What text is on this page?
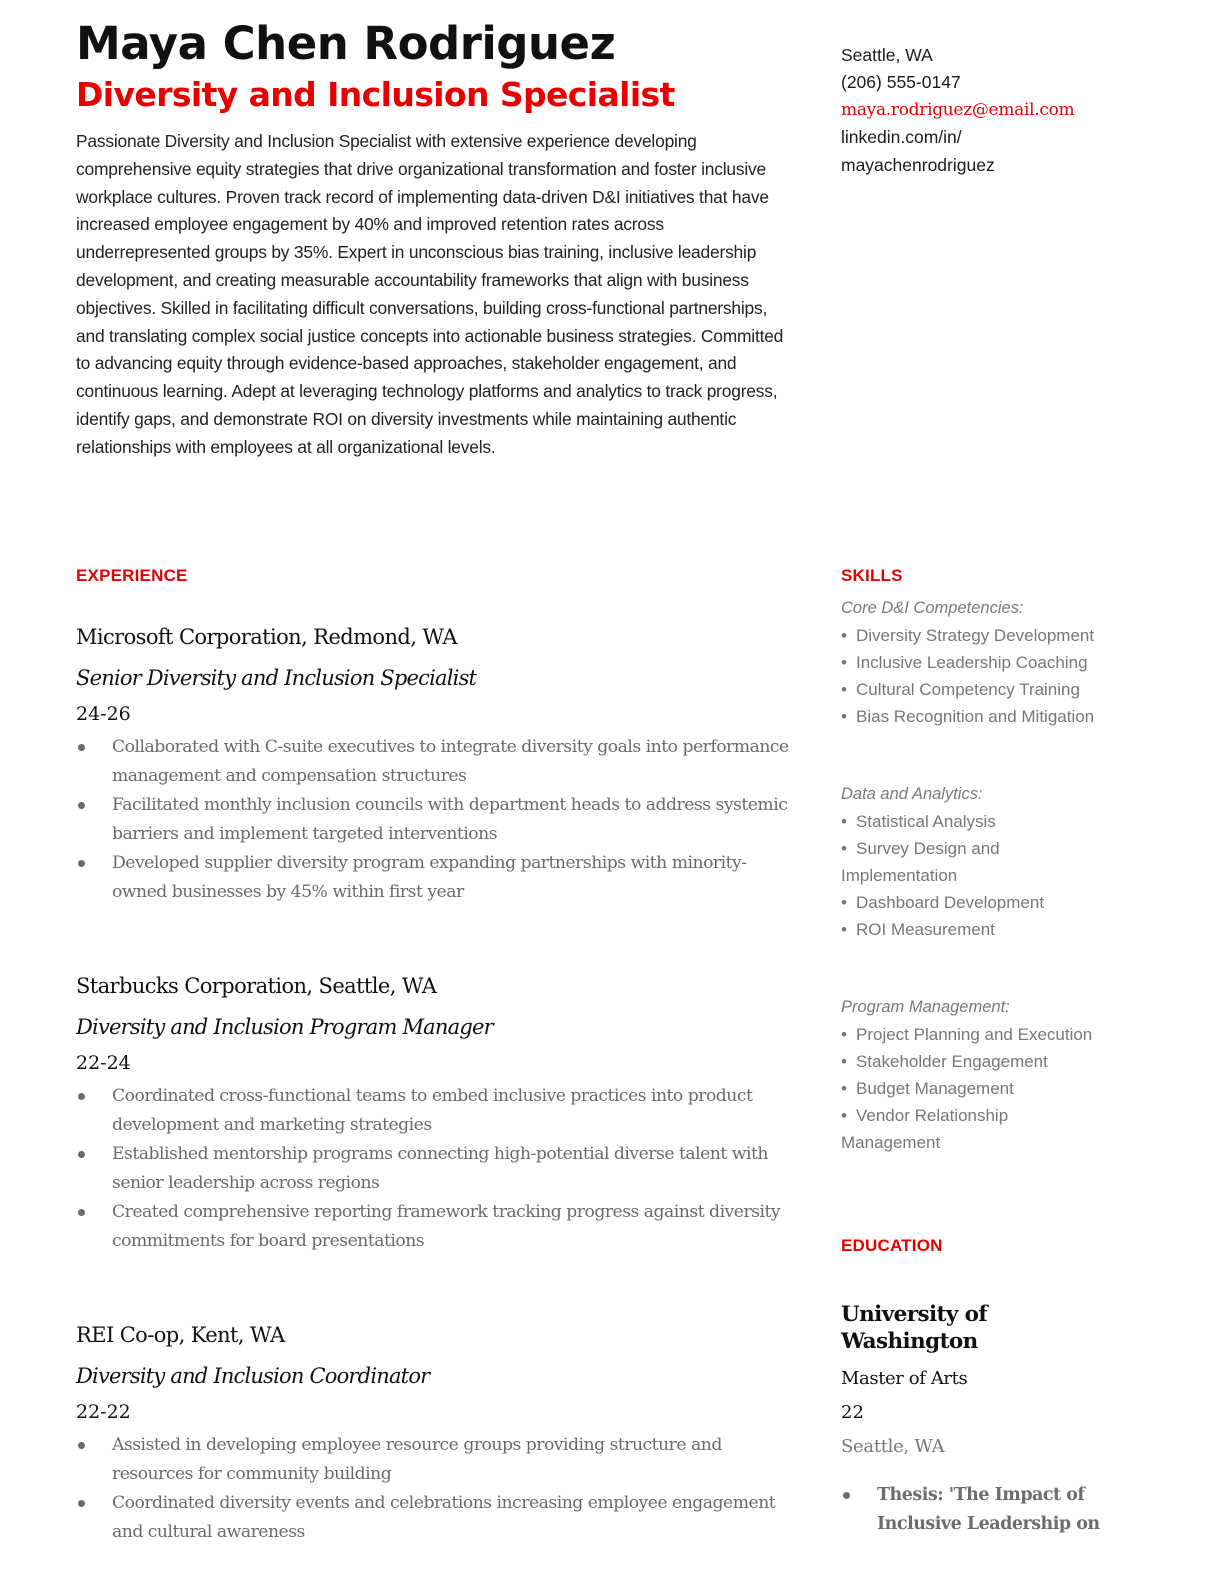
Maya Chen Rodriguez
Diversity and Inclusion Specialist

Passionate Diversity and Inclusion Specialist with extensive experience developing comprehensive equity strategies that drive organizational transformation and foster inclusive workplace cultures. Proven track record of implementing data-driven D&I initiatives that have increased employee engagement by 40% and improved retention rates across underrepresented groups by 35%. Expert in unconscious bias training, inclusive leadership development, and creating measurable accountability frameworks that align with business objectives. Skilled in facilitating difficult conversations, building cross-functional partnerships, and translating complex social justice concepts into actionable business strategies. Committed to advancing equity through evidence-based approaches, stakeholder engagement, and continuous learning. Adept at leveraging technology platforms and analytics to track progress, identify gaps, and demonstrate ROI on diversity investments while maintaining authentic relationships with employees at all organizational levels.

Seattle, WA
(206) 555-0147
maya.rodriguez@email.com
linkedin.com/in/
mayachenrodriguez
EXPERIENCE
Microsoft Corporation, Redmond, WA
Senior Diversity and Inclusion Specialist
24-26
Collaborated with C-suite executives to integrate diversity goals into performance management and compensation structures
Facilitated monthly inclusion councils with department heads to address systemic barriers and implement targeted interventions
Developed supplier diversity program expanding partnerships with minority-owned businesses by 45% within first year
Starbucks Corporation, Seattle, WA
Diversity and Inclusion Program Manager
22-24
Coordinated cross-functional teams to embed inclusive practices into product development and marketing strategies
Established mentorship programs connecting high-potential diverse talent with senior leadership across regions
Created comprehensive reporting framework tracking progress against diversity commitments for board presentations
REI Co-op, Kent, WA
Diversity and Inclusion Coordinator
22-22
Assisted in developing employee resource groups providing structure and resources for community building
Coordinated diversity events and celebrations increasing employee engagement and cultural awareness
SKILLS
Core D&I Competencies:
• Diversity Strategy Development
• Inclusive Leadership Coaching
• Cultural Competency Training
• Bias Recognition and Mitigation
Data and Analytics:
• Statistical Analysis
• Survey Design and Implementation
• Dashboard Development
• ROI Measurement
Program Management:
• Project Planning and Execution
• Stakeholder Engagement
• Budget Management
• Vendor Relationship Management
EDUCATION
University of Washington
Master of Arts
22
Seattle, WA
Thesis: 'The Impact of Inclusive Leadership on
